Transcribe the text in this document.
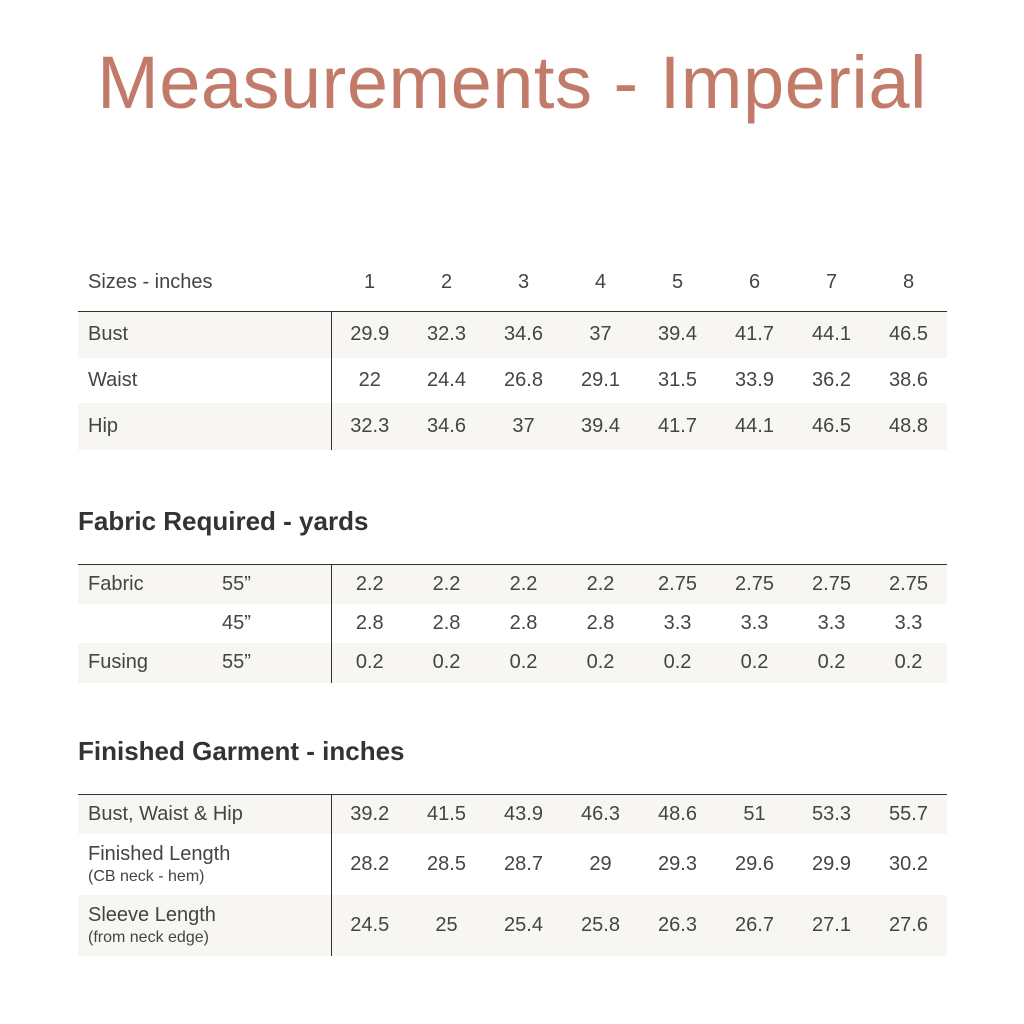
Measurements - Imperial
Sizes - inches	1	2	3	4	5	6	7	8
Bust	29.9	32.3	34.6	37	39.4	41.7	44.1	46.5
Waist	22	24.4	26.8	29.1	31.5	33.9	36.2	38.6
Hip	32.3	34.6	37	39.4	41.7	44.1	46.5	48.8
Fabric Required - yards
Fabric	55”	2.2	2.2	2.2	2.2	2.75	2.75	2.75	2.75
	45”	2.8	2.8	2.8	2.8	3.3	3.3	3.3	3.3
Fusing	55”	0.2	0.2	0.2	0.2	0.2	0.2	0.2	0.2
Finished Garment - inches
Bust, Waist & Hip	39.2	41.5	43.9	46.3	48.6	51	53.3	55.7
Finished Length
(CB neck - hem)	28.2	28.5	28.7	29	29.3	29.6	29.9	30.2
Sleeve Length
(from neck edge)	24.5	25	25.4	25.8	26.3	26.7	27.1	27.6
